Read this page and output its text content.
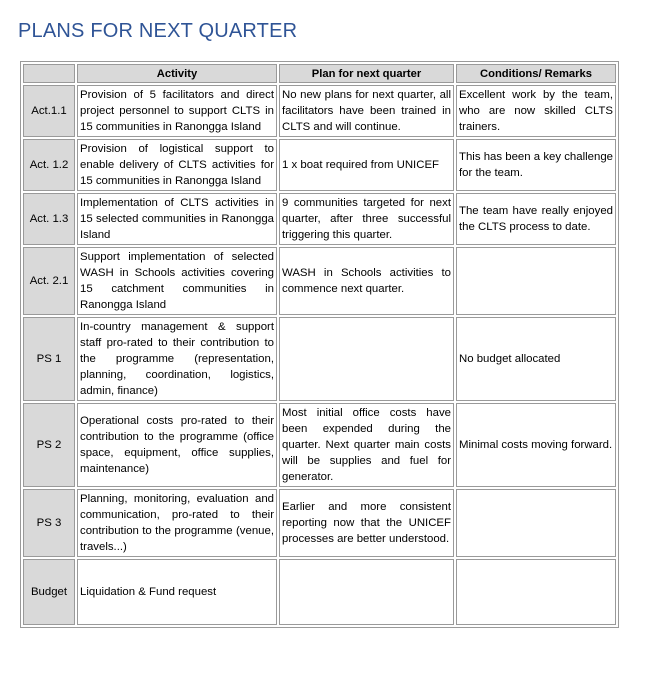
PLANS FOR NEXT QUARTER
	Activity	Plan for next quarter	Conditions/ Remarks
Act.1.1	Provision of 5 facilitators and direct project personnel to support CLTS in 15 communities in Ranongga Island	No new plans for next quarter, all facilitators have been trained in CLTS and will continue.	Excellent work by the team, who are now skilled CLTS trainers.
Act. 1.2	Provision of logistical support to enable delivery of CLTS activities for 15 communities in Ranongga Island	1 x boat required from UNICEF	This has been a key challenge for the team.
Act. 1.3	Implementation of CLTS activities in 15 selected communities in Ranongga Island	9 communities targeted for next quarter, after three successful triggering this quarter.	The team have really enjoyed the CLTS process to date.
Act. 2.1	Support implementation of selected WASH in Schools activities covering 15 catchment communities in Ranongga Island	WASH in Schools activities to commence next quarter.	
PS 1	In-country management & support staff pro-rated to their contribution to the programme (representation, planning, coordination, logistics, admin, finance)		No budget allocated
PS 2	Operational costs pro-rated to their contribution to the programme (office space, equipment, office supplies, maintenance)	Most initial office costs have been expended during the quarter. Next quarter main costs will be supplies and fuel for generator.	Minimal costs moving forward.
PS 3	Planning, monitoring, evaluation and communication, pro-rated to their contribution to the programme (venue, travels...)	Earlier and more consistent reporting now that the UNICEF processes are better understood.	
Budget	Liquidation & Fund request		
